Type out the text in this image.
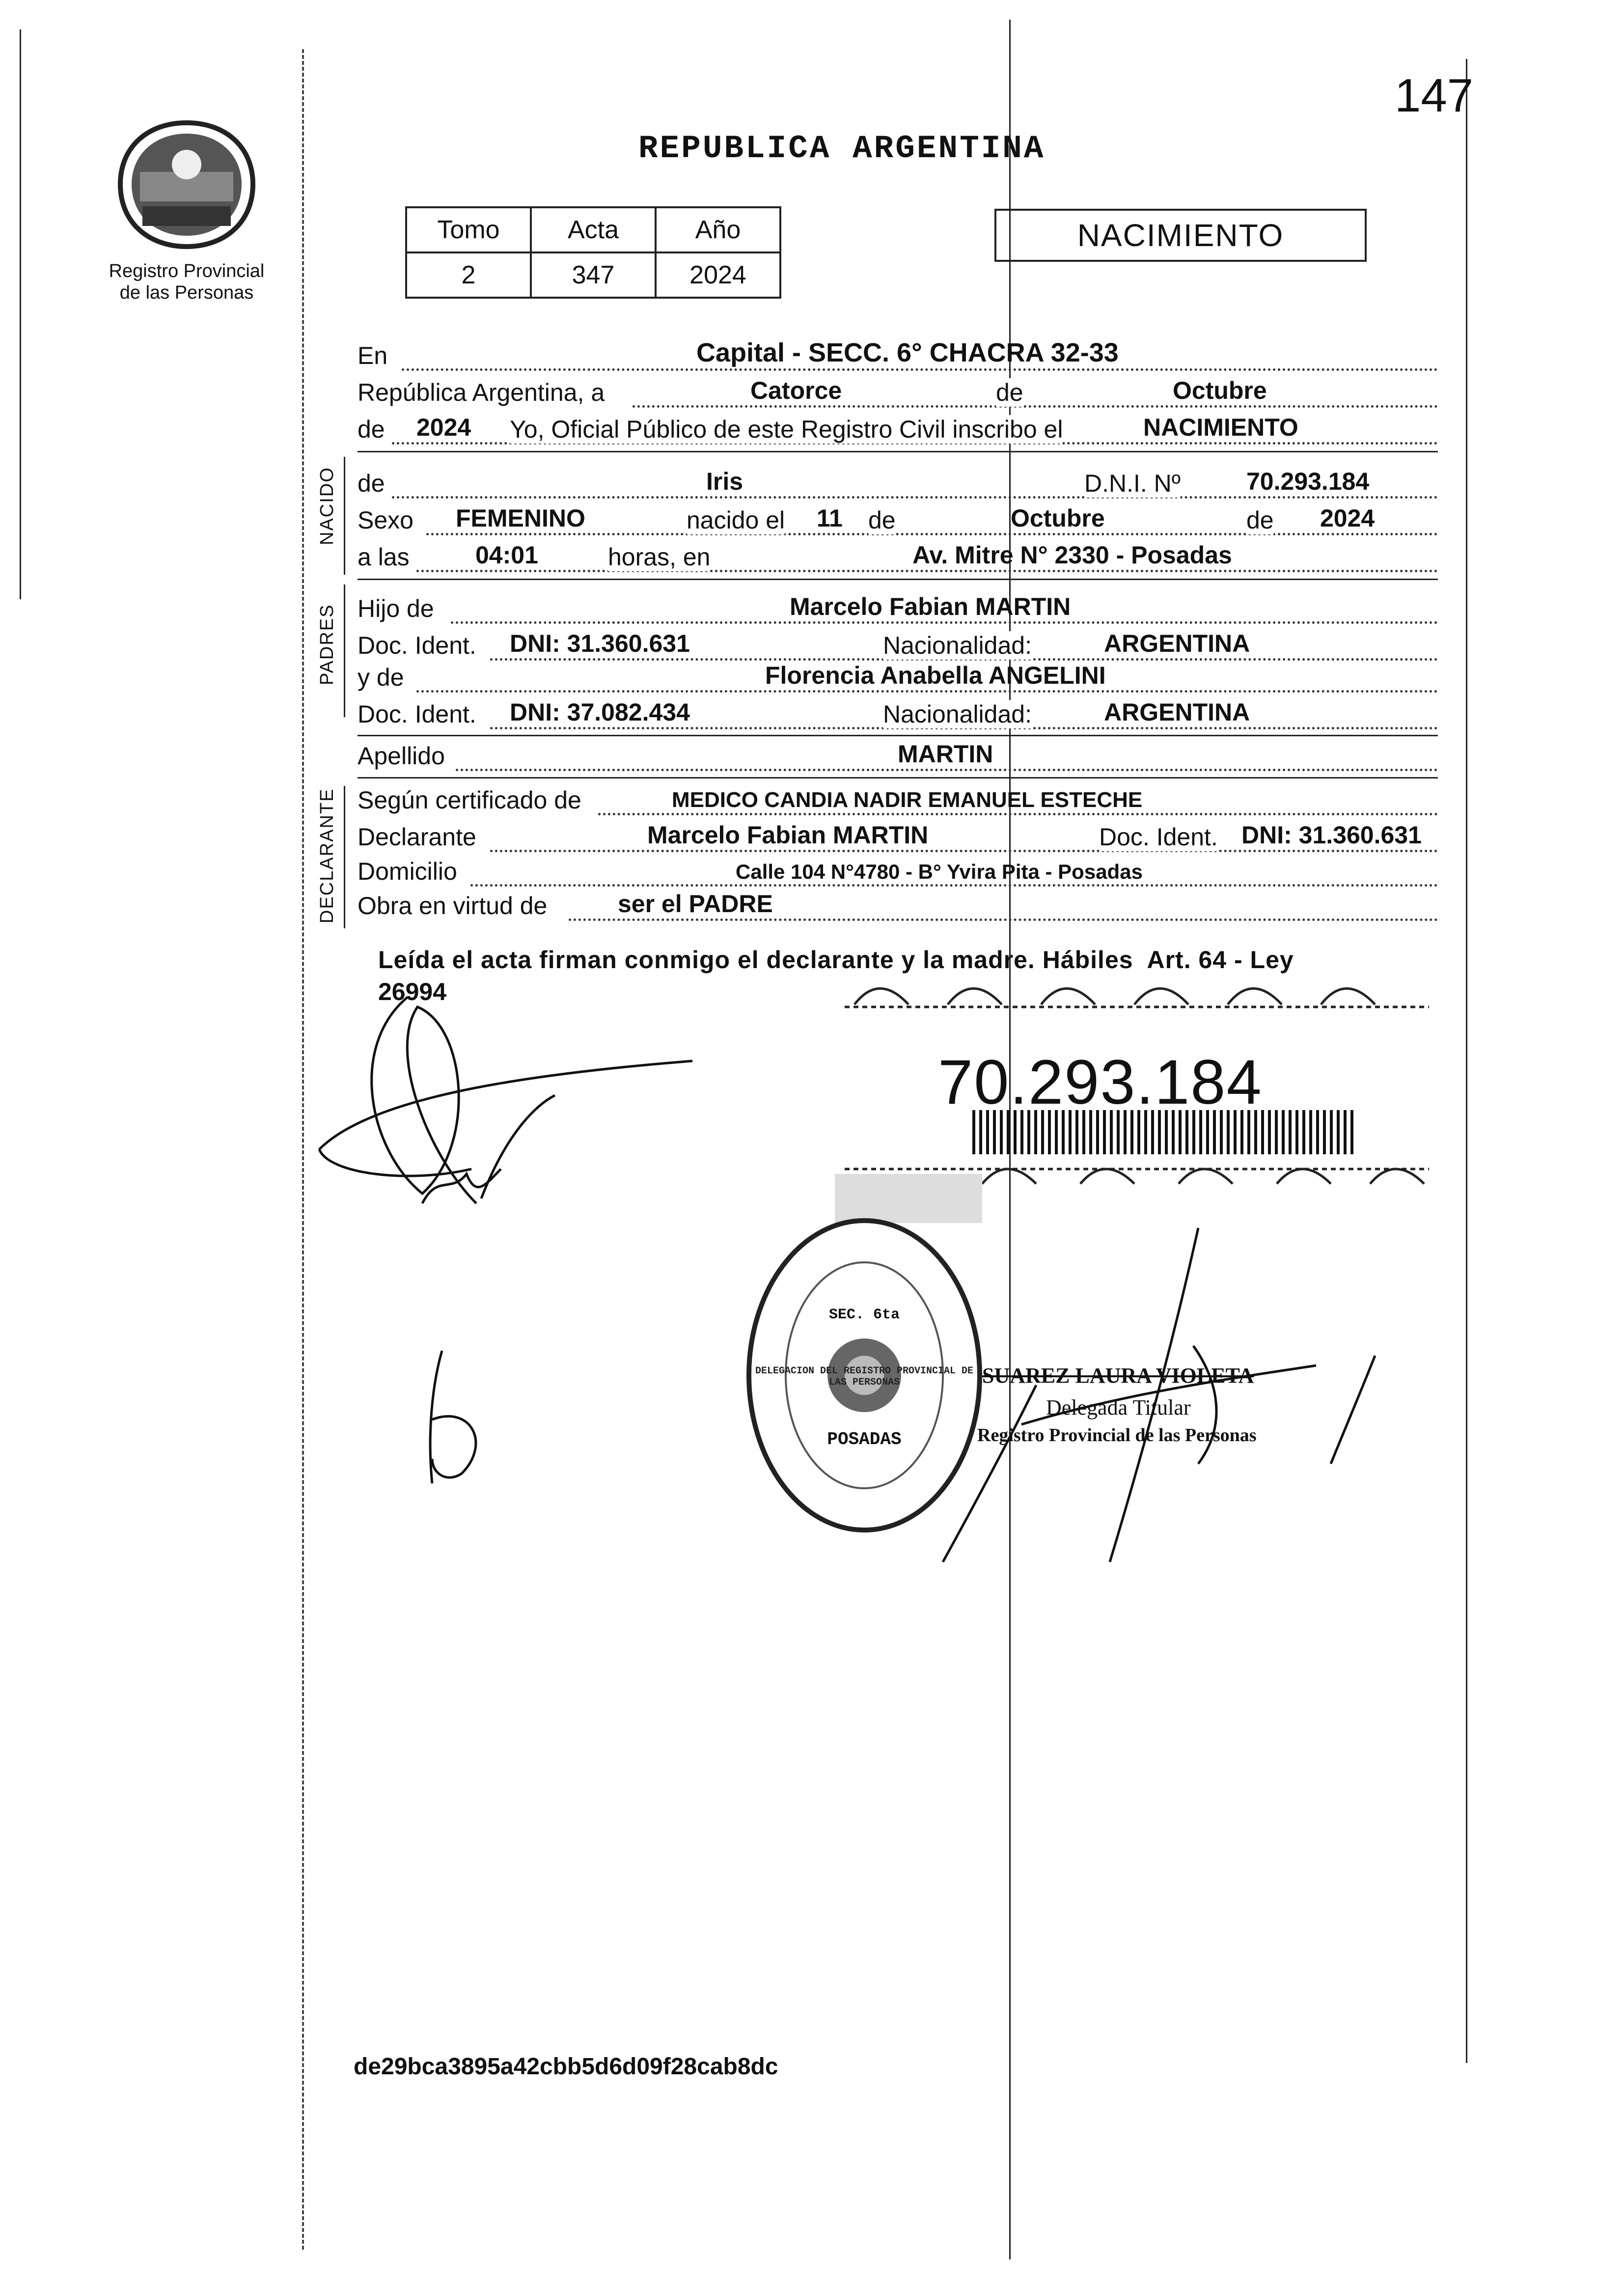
147
Registro Provincial
de las Personas
REPUBLICA ARGENTINA
Tomo	Acta	Año
2	347	2024
NACIMIENTO
En	Capital - SECC. 6° CHACRA 32-33
República Argentina, a	Catorce	de	Octubre
de 2024 Yo, Oficial Público de este Registro Civil inscribo el	NACIMIENTO
NACIDO de	Iris	D.N.I. Nº	70.293.184
Sexo FEMENINO	nacido el 11 de	Octubre	de 2024
a las	04:01	horas, en	Av. Mitre N° 2330 - Posadas
PADRES Hijo de	Marcelo Fabian MARTIN
Doc. Ident. DNI: 31.360.631	Nacionalidad:	ARGENTINA
y de	Florencia Anabella ANGELINI
Doc. Ident. DNI: 37.082.434	Nacionalidad:	ARGENTINA
Apellido	MARTIN
DECLARANTE Según certificado de	MEDICO CANDIA NADIR EMANUEL ESTECHE
Declarante	Marcelo Fabian MARTIN	Doc. Ident. DNI: 31.360.631
Domicilio	Calle 104 N°4780 - B° Yvira Pita - Posadas
Obra en virtud de	ser el PADRE
Leída el acta firman conmigo el declarante y la madre. Hábiles  Art. 64 - Ley
26994
70.293.184
DELEGACION DEL REGISTRO PROVINCIAL DE LAS PERSONAS
SEC. 6ta
POSADAS
SUAREZ LAURA VIOLETA
Delegada Titular
Registro Provincial de las Personas
de29bca3895a42cbb5d6d09f28cab8dc
